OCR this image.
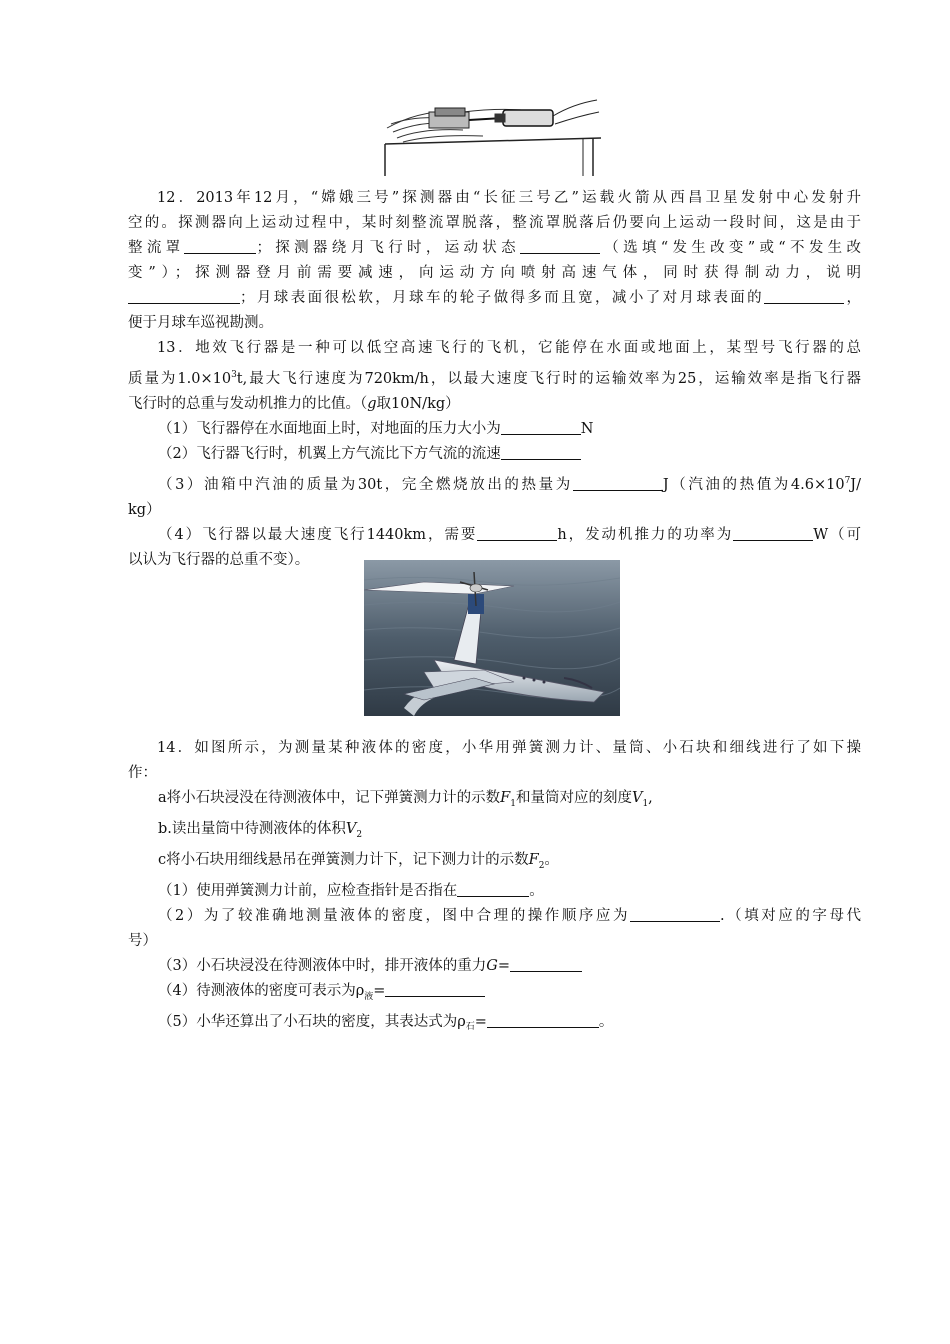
12．2013年12月，“嫦娥三号”探测器由“长征三号乙”运载火箭从西昌卫星发射中心发射升

空的。探测器向上运动过程中，某时刻整流罩脱落，整流罩脱落后仍要向上运动一段时间，这是由于

整流罩	；探测器绕月飞行时，运动状态	（选填“发生改变”或“不发生改

变”）；探测器登月前需要减速，向运动方向喷射高速气体，同时获得制动力，说明

；月球表面很松软，月球车的轮子做得多而且宽，减小了对月球表面的	，

便于月球车巡视勘测。

13．地效飞行器是一种可以低空高速飞行的飞机，它能停在水面或地面上，某型号飞行器的总

质量为$1.0\times 10^3t$,最大飞行速度为720km/h，以最大速度飞行时的运输效率为25，运输效率是指飞行器

飞行时的总重与发动机推力的比值。（g取10N/kg）

（1）飞行器停在水面地面上时，对地面的压力大小为	N

（2）飞行器飞行时，机翼上方气流比下方气流的流速

（3）油箱中汽油的质量为30t，完全燃烧放出的热量为	J（汽油的热值为$4.6\times 10^7J/$

kg）

（4）飞行器以最大速度飞行1440km，需要	h，发动机推力的功率为	W（可

以认为飞行器的总重不变）。

14．如图所示，为测量某种液体的密度，小华用弹簧测力计、量筒、小石块和细线进行了如下操

作：

a将小石块浸没在待测液体中，记下弹簧测力计的示数$F_1$和量筒对应的刻度$V_1$,

b.读出量筒中待测液体的体积$V_2$

c将小石块用细线悬吊在弹簧测力计下，记下测力计的示数$F_2$。

（1）使用弹簧测力计前，应检查指针是否指在	。

（2）为了较准确地测量液体的密度，图中合理的操作顺序应为	.（填对应的字母代

号）

（3）小石块浸没在待测液体中时，排开液体的重力G=

（4）待测液体的密度可表示为$\rho_液=$

（5）小华还算出了小石块的密度，其表达式为$\rho_石=$	。
